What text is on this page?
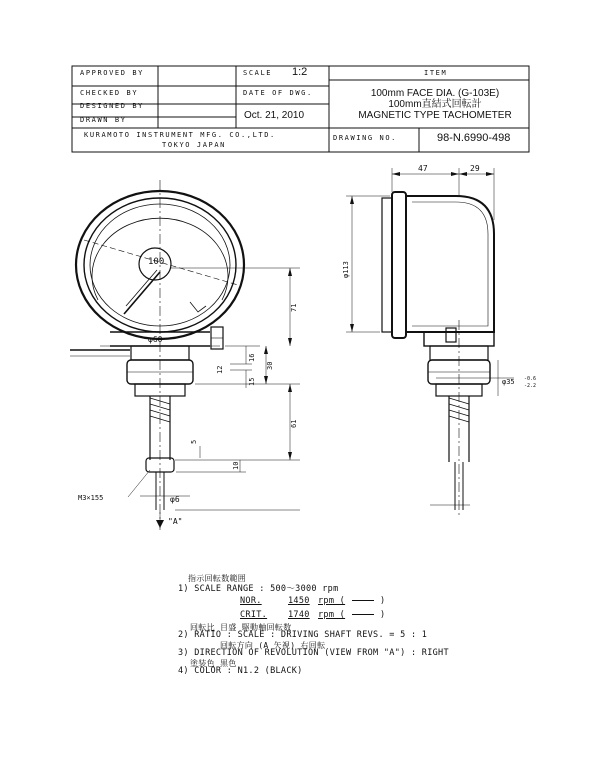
APPROVED BY
CHECKED BY
DESIGNED BY
DRAWN BY
SCALE 1:2
DATE OF DWG.
Oct. 21, 2010
ITEM
100mm FACE DIA. (G-103E)
100mm直結式回転計
MAGNETIC TYPE TACHOMETER
KURAMOTO INSTRUMENT MFG. CO.,LTD.
TOKYO JAPAN
DRAWING NO.	98-N.6990-498
100
φ60
71
16
12
15
30
61
5
10
φ6
M3×155
"A"
47	29
φ113
φ35 -0.6
-2.2
指示回転数範囲
1) SCALE RANGE : 500〜3000 rpm
NOR.	1450 rpm (	)
CRIT. 1740 rpm (	)
回転比 目盛 駆動軸回転数
2) RATIO : SCALE : DRIVING SHAFT REVS. = 5 : 1
回転方向 (A 矢視) 右回転
3) DIRECTION OF REVOLUTION (VIEW FROM "A") : RIGHT
塗装色 黒色
4) COLOR : N1.2 (BLACK)
